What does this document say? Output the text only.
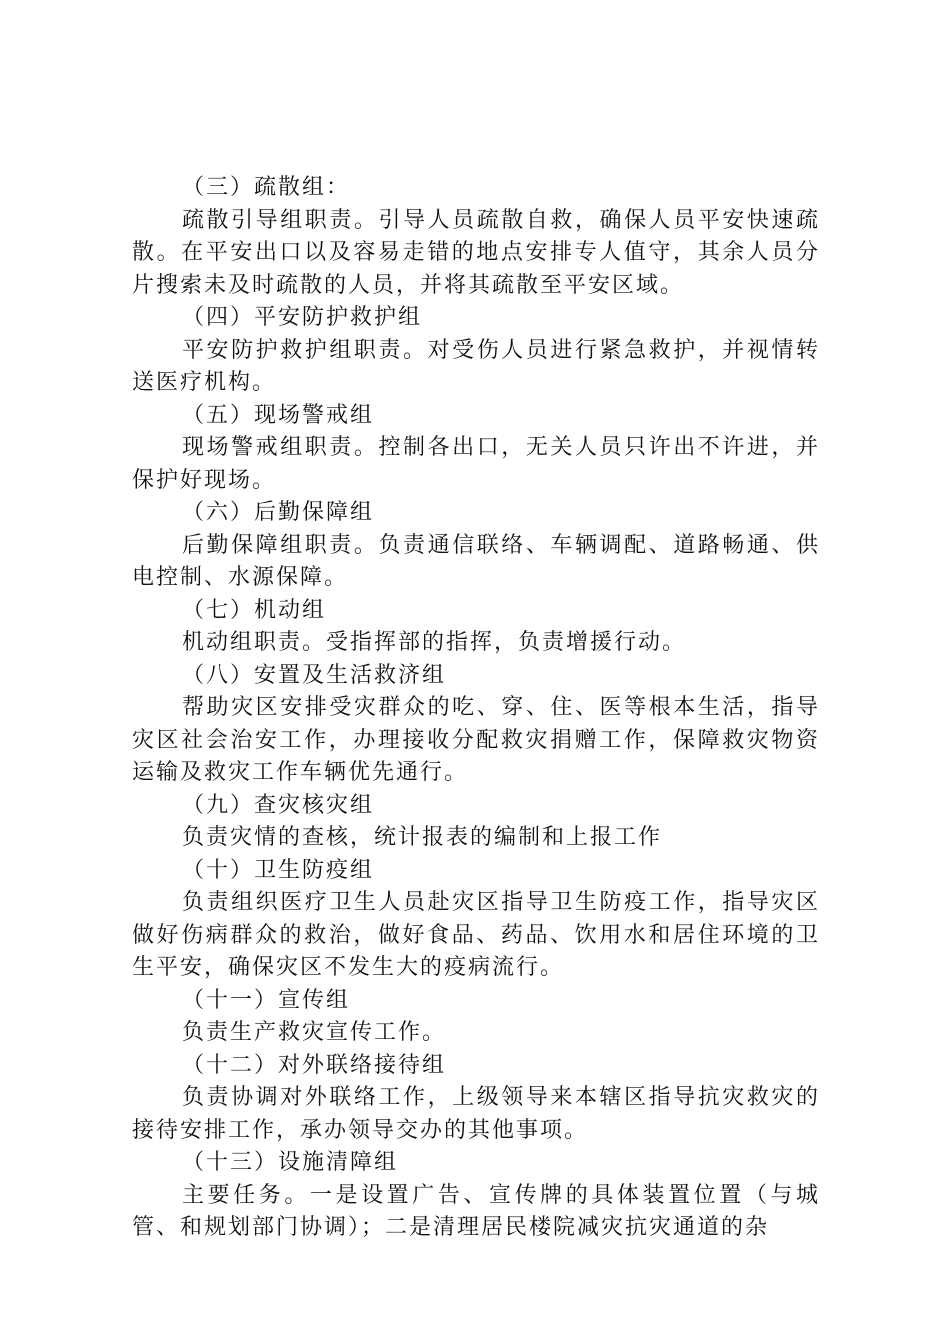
（三）疏散组：

疏散引导组职责。引导人员疏散自救，确保人员平安快速疏散。在平安出口以及容易走错的地点安排专人值守，其余人员分片搜索未及时疏散的人员，并将其疏散至平安区域。

（四）平安防护救护组

平安防护救护组职责。对受伤人员进行紧急救护，并视情转送医疗机构。

（五）现场警戒组

现场警戒组职责。控制各出口，无关人员只许出不许进，并保护好现场。

（六）后勤保障组

后勤保障组职责。负责通信联络、车辆调配、道路畅通、供电控制、水源保障。

（七）机动组

机动组职责。受指挥部的指挥，负责增援行动。

（八）安置及生活救济组

帮助灾区安排受灾群众的吃、穿、住、医等根本生活，指导灾区社会治安工作，办理接收分配救灾捐赠工作，保障救灾物资运输及救灾工作车辆优先通行。

（九）查灾核灾组

负责灾情的查核，统计报表的编制和上报工作

（十）卫生防疫组

负责组织医疗卫生人员赴灾区指导卫生防疫工作，指导灾区做好伤病群众的救治，做好食品、药品、饮用水和居住环境的卫生平安，确保灾区不发生大的疫病流行。

（十一）宣传组

负责生产救灾宣传工作。

（十二）对外联络接待组

负责协调对外联络工作，上级领导来本辖区指导抗灾救灾的接待安排工作，承办领导交办的其他事项。

（十三）设施清障组

主要任务。一是设置广告、宣传牌的具体装置位置（与城管、和规划部门协调）；二是清理居民楼院减灾抗灾通道的杂
